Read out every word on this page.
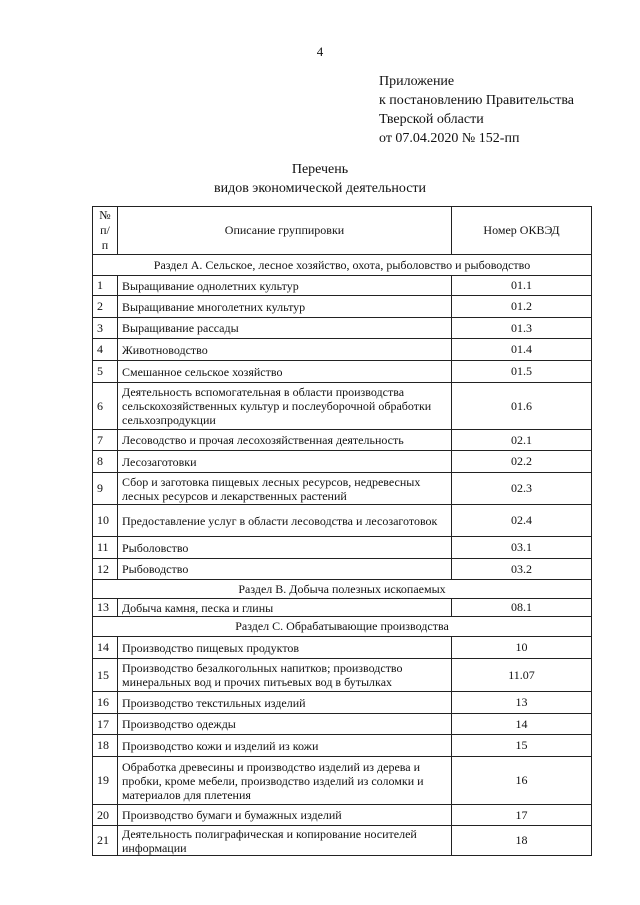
4
Приложение
к постановлению Правительства
Тверской области
от 07.04.2020 № 152-пп
Перечень
видов экономической деятельности
№
п/п	Описание группировки	Номер ОКВЭД
Раздел А. Сельское, лесное хозяйство, охота, рыболовство и рыбоводство		
1	Выращивание однолетних культур	01.1
2	Выращивание многолетних культур	01.2
3	Выращивание рассады	01.3
4	Животноводство	01.4
5	Смешанное сельское хозяйство	01.5
6	Деятельность вспомогательная в области производства сельскохозяйственных культур и послеуборочной обработки сельхозпродукции	01.6
7	Лесоводство и прочая лесохозяйственная деятельность	02.1
8	Лесозаготовки	02.2
9	Сбор и заготовка пищевых лесных ресурсов, недревесных лесных ресурсов и лекарственных растений	02.3
10	Предоставление услуг в области лесоводства и лесозаготовок	02.4
11	Рыболовство	03.1
12	Рыбоводство	03.2
Раздел В. Добыча полезных ископаемых		
13	Добыча камня, песка и глины	08.1
Раздел С. Обрабатывающие производства		
14	Производство пищевых продуктов	10
15	Производство безалкогольных напитков; производство минеральных вод и прочих питьевых вод в бутылках	11.07
16	Производство текстильных изделий	13
17	Производство одежды	14
18	Производство кожи и изделий из кожи	15
19	Обработка древесины и производство изделий из дерева и пробки, кроме мебели, производство изделий из соломки и материалов для плетения	16
20	Производство бумаги и бумажных изделий	17
21	Деятельность полиграфическая и копирование носителей информации	18
